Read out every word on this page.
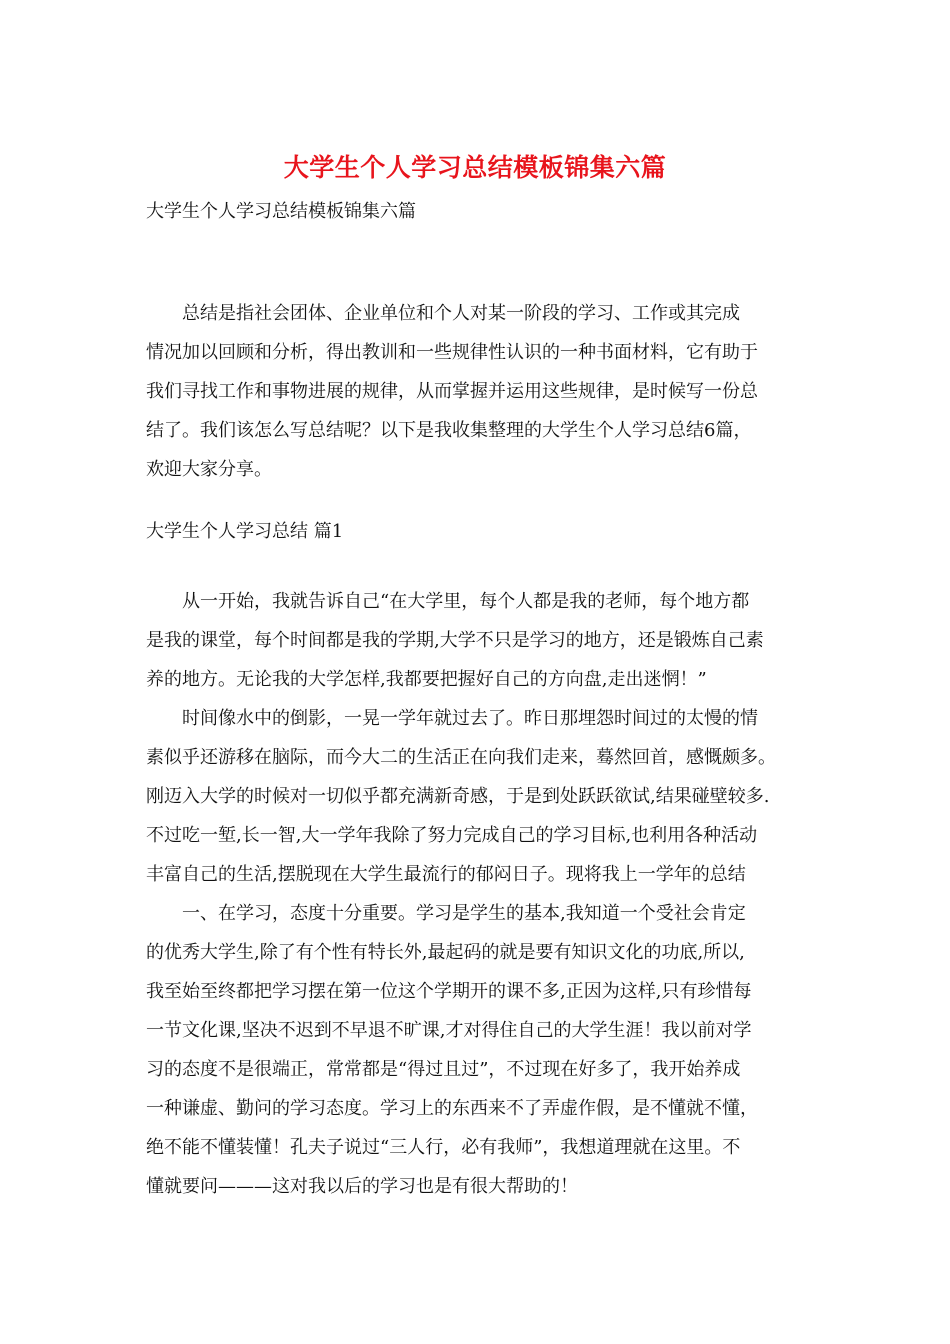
大学生个人学习总结模板锦集六篇
大学生个人学习总结模板锦集六篇
　　总结是指社会团体、企业单位和个人对某一阶段的学习、工作或其完成
情况加以回顾和分析，得出教训和一些规律性认识的一种书面材料，它有助于
我们寻找工作和事物进展的规律，从而掌握并运用这些规律，是时候写一份总
结了。我们该怎么写总结呢？以下是我收集整理的大学生个人学习总结6篇，
欢迎大家分享。
大学生个人学习总结 篇1
　　从一开始，我就告诉自己“在大学里，每个人都是我的老师，每个地方都
是我的课堂，每个时间都是我的学期,大学不只是学习的地方，还是锻炼自己素
养的地方。无论我的大学怎样,我都要把握好自己的方向盘,走出迷惘！”
　　时间像水中的倒影，一晃一学年就过去了。昨日那埋怨时间过的太慢的情
素似乎还游移在脑际，而今大二的生活正在向我们走来，蓦然回首，感慨颇多。
刚迈入大学的时候对一切似乎都充满新奇感，于是到处跃跃欲试,结果碰壁较多.
不过吃一堑,长一智,大一学年我除了努力完成自己的学习目标,也利用各种活动
丰富自己的生活,摆脱现在大学生最流行的郁闷日子。现将我上一学年的总结
　　一、在学习，态度十分重要。学习是学生的基本,我知道一个受社会肯定
的优秀大学生,除了有个性有特长外,最起码的就是要有知识文化的功底,所以,
我至始至终都把学习摆在第一位这个学期开的课不多,正因为这样,只有珍惜每
一节文化课,坚决不迟到不早退不旷课,才对得住自己的大学生涯！我以前对学
习的态度不是很端正，常常都是“得过且过”，不过现在好多了，我开始养成
一种谦虚、勤问的学习态度。学习上的东西来不了弄虚作假，是不懂就不懂，
绝不能不懂装懂！孔夫子说过“三人行，必有我师”，我想道理就在这里。不
懂就要问———这对我以后的学习也是有很大帮助的！
